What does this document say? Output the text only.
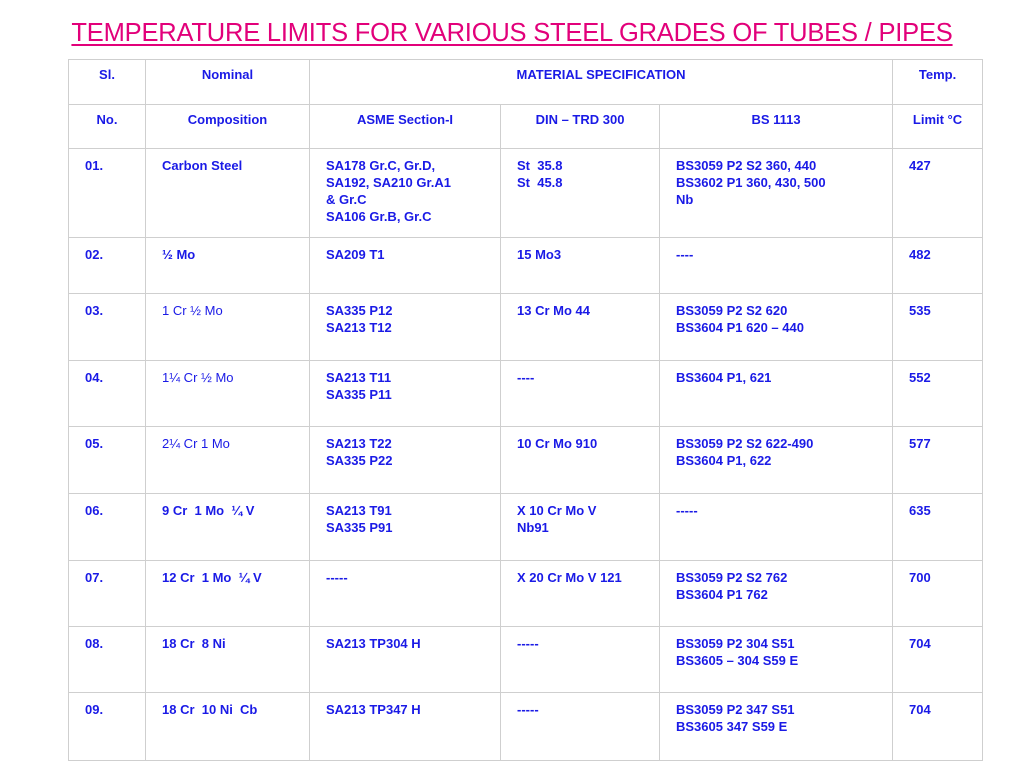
TEMPERATURE LIMITS FOR VARIOUS STEEL GRADES OF TUBES / PIPES
Sl.	Nominal	MATERIAL SPECIFICATION			Temp.

No.	Composition	ASME Section-I	DIN – TRD 300	BS 1113	Limit °C

01.	Carbon Steel	SA178 Gr.C, Gr.D,
SA192, SA210 Gr.A1
& Gr.C
SA106 Gr.B, Gr.C	St  35.8
St  45.8	BS3059 P2 S2 360, 440
BS3602 P1 360, 430, 500
Nb	427

02.	½ Mo	SA209 T1	15 Mo3	----	482

03.	1 Cr ½ Mo	SA335 P12
SA213 T12	13 Cr Mo 44	BS3059 P2 S2 620
BS3604 P1 620 – 440	535

04.	1¼ Cr ½ Mo	SA213 T11
SA335 P11	----	BS3604 P1, 621	552

05.	2¼ Cr 1 Mo	SA213 T22
SA335 P22	10 Cr Mo 910	BS3059 P2 S2 622-490
BS3604 P1, 622	577

06.	9 Cr  1 Mo  ¼ V	SA213 T91
SA335 P91	X 10 Cr Mo V
Nb91	-----	635

07.	12 Cr  1 Mo  ¼ V	-----	X 20 Cr Mo V 121	BS3059 P2 S2 762
BS3604 P1 762	700

08.	18 Cr  8 Ni	SA213 TP304 H	-----	BS3059 P2 304 S51
BS3605 – 304 S59 E	704

09.	18 Cr  10 Ni  Cb	SA213 TP347 H	-----	BS3059 P2 347 S51
BS3605 347 S59 E	704
